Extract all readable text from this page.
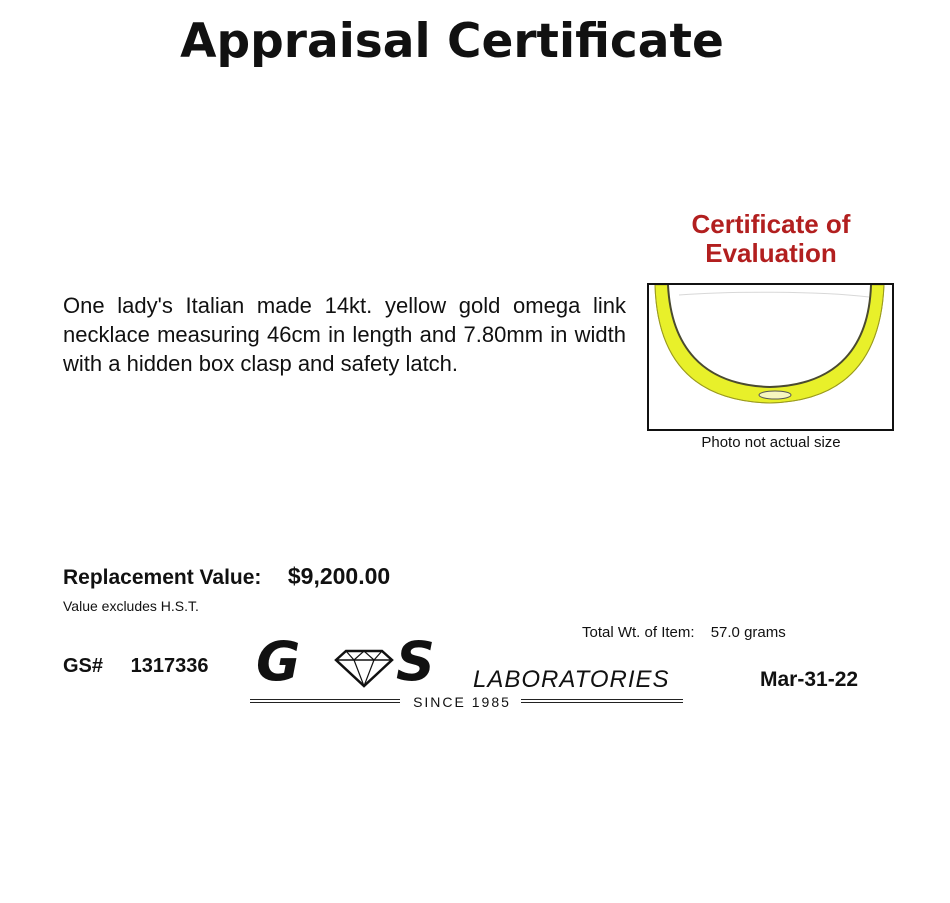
Appraisal Certificate
Certificate of
Evaluation
Photo not actual size
One lady's Italian made 14kt. yellow gold omega link necklace measuring 46cm in length and 7.80mm in width with a hidden box clasp and safety latch.
Replacement Value: $9,200.00
Value excludes H.S.T.
Total Wt. of Item: 57.0 grams
GS# 1317336 G S LABORATORIES
SINCE 1985
Mar-31-22
